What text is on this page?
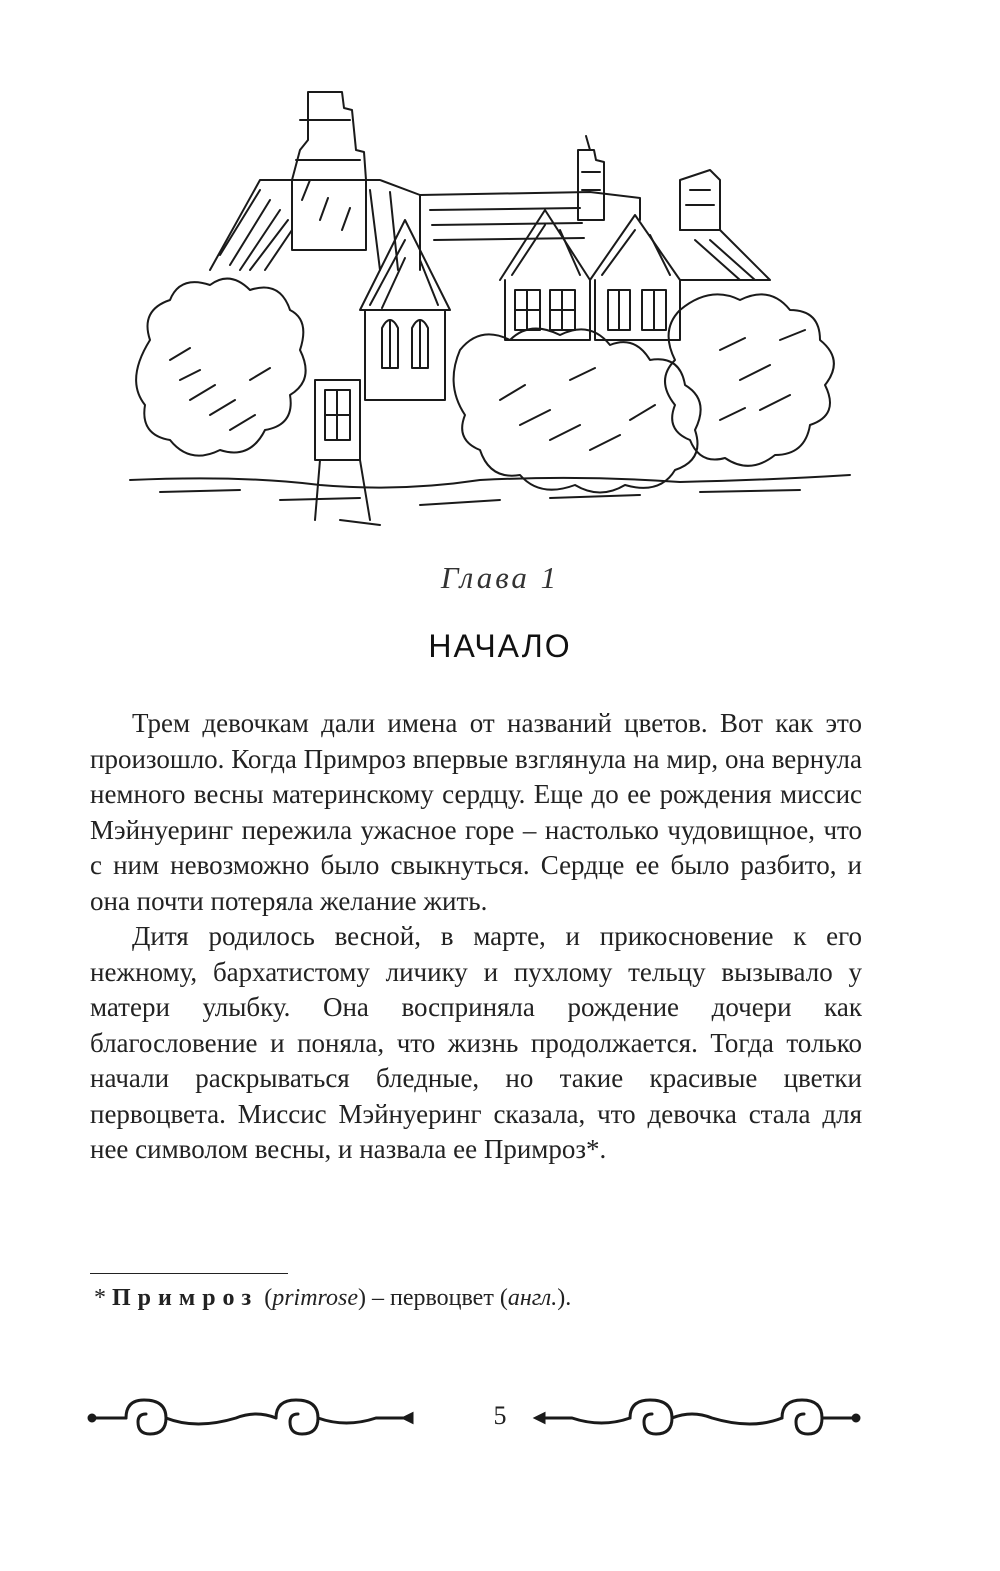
Глава 1
НАЧАЛО

Трем девочкам дали имена от названий цветов. Вот как это произошло. Когда Примроз впервые взглянула на мир, она вернула немного весны материнскому сердцу. Еще до ее рождения миссис Мэйнуеринг пережила ужасное горе – настолько чудовищное, что с ним невозможно было свыкнуться. Сердце ее было разбито, и она почти потеряла желание жить.

Дитя родилось весной, в марте, и прикосновение к его нежному, бархатистому личику и пухлому тельцу вызывало у матери улыбку. Она восприняла рождение дочери как благословение и поняла, что жизнь продолжается. Тогда только начали раскрываться бледные, но такие красивые цветки первоцвета. Миссис Мэйнуеринг сказала, что девочка стала для нее символом весны, и назвала ее Примроз*.

* Примроз (primrose) – первоцвет (англ.).
5
